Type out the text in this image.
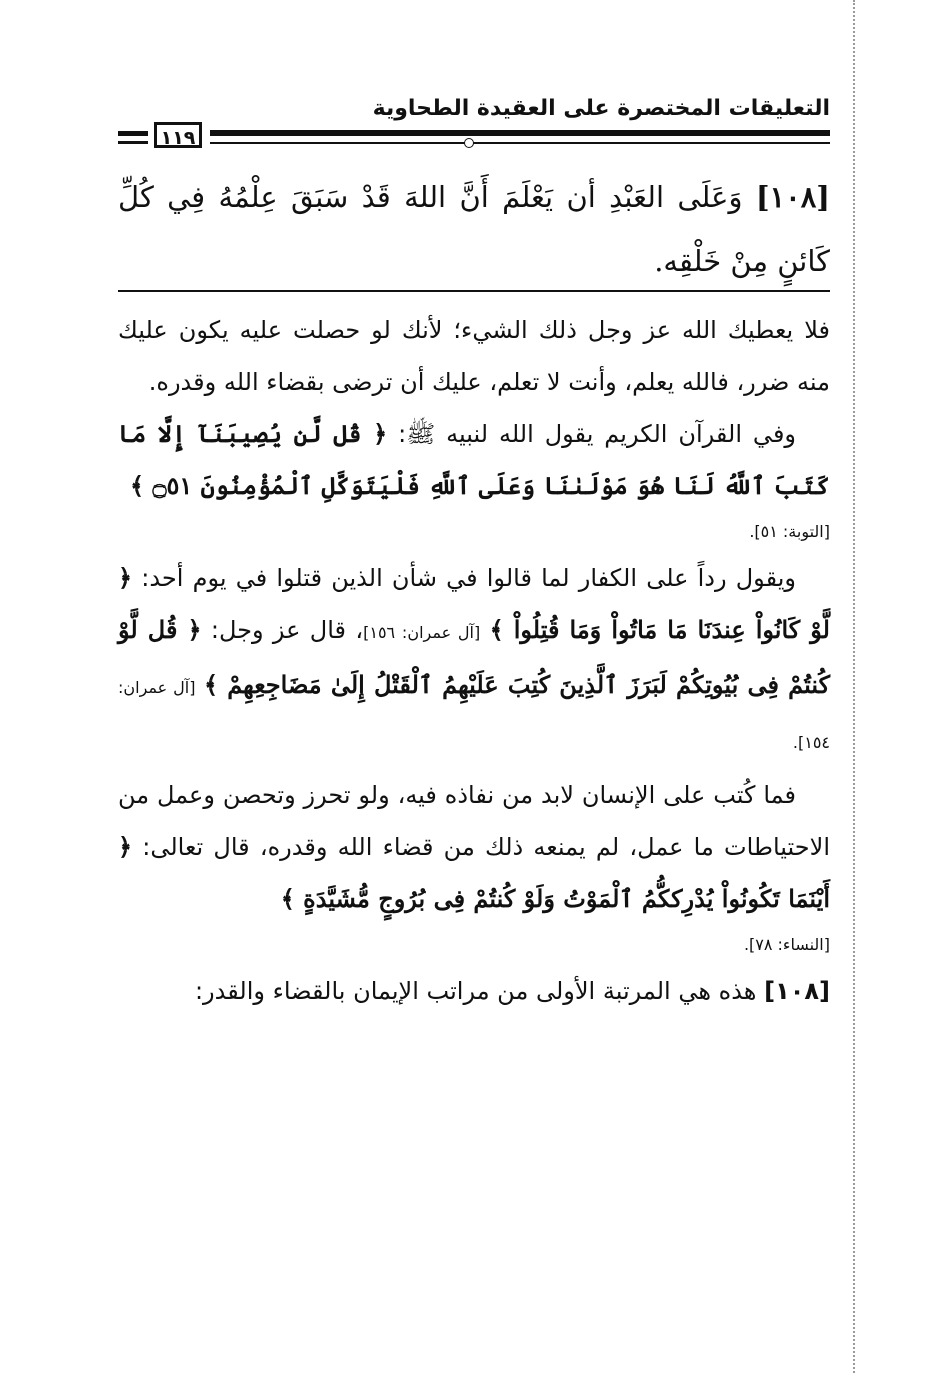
التعليقات المختصرة على العقيدة الطحاوية
١١٩
[١٠٨] وَعَلَى العَبْدِ أن يَعْلَمَ أَنَّ اللهَ قَدْ سَبَقَ عِلْمُهُ فِي كُلِّ كَائنٍ مِنْ خَلْقِه.

فلا يعطيك الله عز وجل ذلك الشيء؛ لأنك لو حصلت عليه يكون عليك منه ضرر، فالله يعلم، وأنت لا تعلم، عليك أن ترضى بقضاء الله وقدره.

وفي القرآن الكريم يقول الله لنبيه ﷺ: ﴿ قُل لَّن يُصِيبَنَآ إِلَّا مَا كَتَبَ ٱللَّهُ لَنَا هُوَ مَوْلَىٰنَا وَعَلَى ٱللَّهِ فَلْيَتَوَكَّلِ ٱلْمُؤْمِنُونَ ۝٥١ ﴾

[التوبة: ٥١].

ويقول رداً على الكفار لما قالوا في شأن الذين قتلوا في يوم أحد: ﴿ لَّوْ كَانُواْ عِندَنَا مَا مَاتُواْ وَمَا قُتِلُواْ ﴾ [آل عمران: ١٥٦]، قال عز وجل: ﴿ قُل لَّوْ كُنتُمْ فِى بُيُوتِكُمْ لَبَرَزَ ٱلَّذِينَ كُتِبَ عَلَيْهِمُ ٱلْقَتْلُ إِلَىٰ مَضَاجِعِهِمْ ﴾ [آل عمران: ١٥٤].

فما كُتب على الإنسان لابد من نفاذه فيه، ولو تحرز وتحصن وعمل من الاحتياطات ما عمل، لم يمنعه ذلك من قضاء الله وقدره، قال تعالى: ﴿ أَيْنَمَا تَكُونُواْ يُدْرِككُّمُ ٱلْمَوْتُ وَلَوْ كُنتُمْ فِى بُرُوجٍ مُّشَيَّدَةٍ ﴾

[النساء: ٧٨].

[١٠٨] هذه هي المرتبة الأولى من مراتب الإيمان بالقضاء والقدر:
